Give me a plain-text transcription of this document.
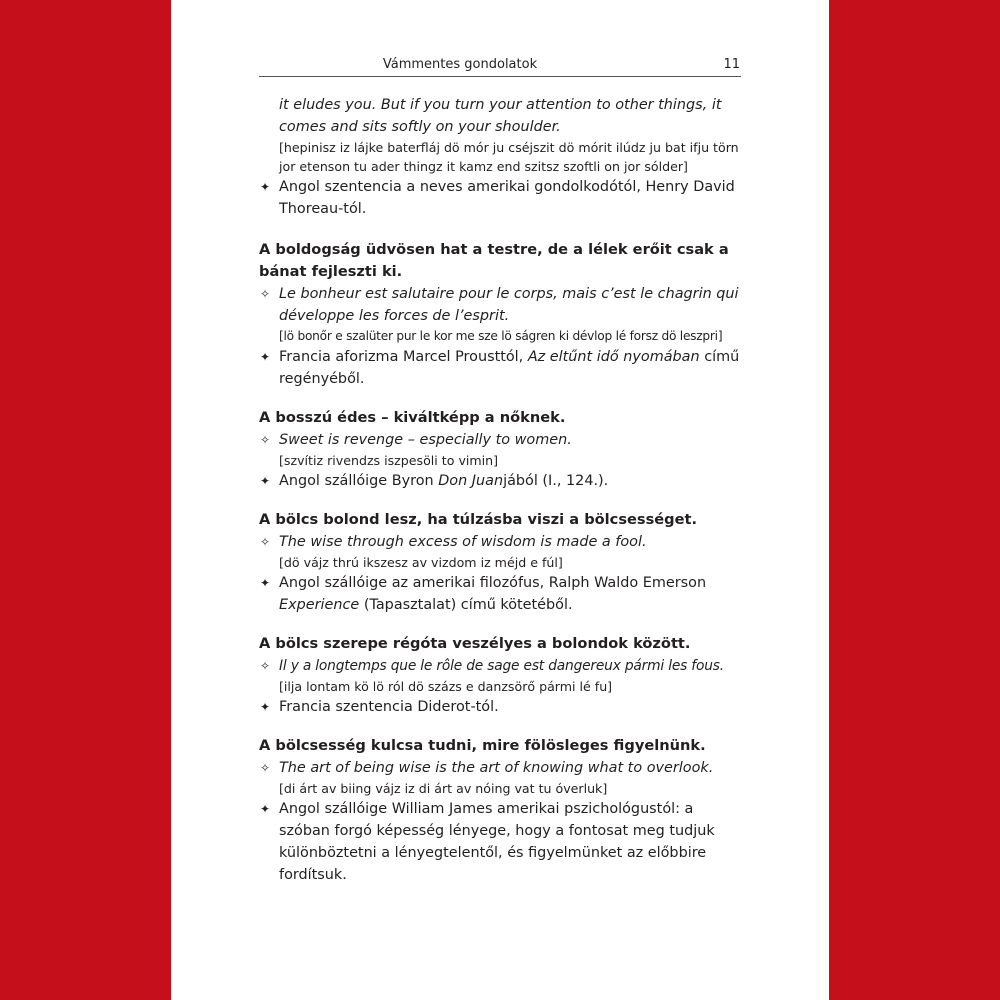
Vámmentes gondolatok	11
it eludes you. But if you turn your attention to other things, it comes and sits softly on your shoulder.
[hepinisz iz lájke baterfláj dö mór ju cséjszit dö mórit ilúdz ju bat ifju törn jor etenson tu ader thingz it kamz end szitsz szoftli on jor sólder]
✦ Angol szentencia a neves amerikai gondolkodótól, Henry David Thoreau-tól.
A boldogság üdvösen hat a testre, de a lélek erőit csak a bánat fejleszti ki.
✧ Le bonheur est salutaire pour le corps, mais c’est le chagrin qui développe les forces de l’esprit.
[lö bonőr e szalüter pur le kor me sze lö ságren ki dévlop lé forsz dö leszpri]
✦ Francia aforizma Marcel Prousttól, Az eltűnt idő nyomában című regényéből.
A bosszú édes – kiváltképp a nőknek.
✧ Sweet is revenge – especially to women.
[szvítiz rivendzs iszpesöli to vimin]
✦ Angol szállóige Byron Don Juanjából (I., 124.).
A bölcs bolond lesz, ha túlzásba viszi a bölcsességet.
✧ The wise through excess of wisdom is made a fool.
[dö vájz thrú ikszesz av vizdom iz méjd e fúl]
✦ Angol szállóige az amerikai filozófus, Ralph Waldo Emerson Experience (Tapasztalat) című kötetéből.
A bölcs szerepe régóta veszélyes a bolondok között.
✧ Il y a longtemps que le rôle de sage est dangereux pármi les fous.
[ilja lontam kö lö ról dö százs e danzsörő pármi lé fu]
✦ Francia szentencia Diderot-tól.
A bölcsesség kulcsa tudni, mire fölösleges figyelnünk.
✧ The art of being wise is the art of knowing what to overlook.
[di árt av biing vájz iz di árt av nóing vat tu óverluk]
✦ Angol szállóige William James amerikai pszichológustól: a szóban forgó képesség lényege, hogy a fontosat meg tudjuk különböztetni a lényegtelentől, és figyelmünket az előbbire fordítsuk.
